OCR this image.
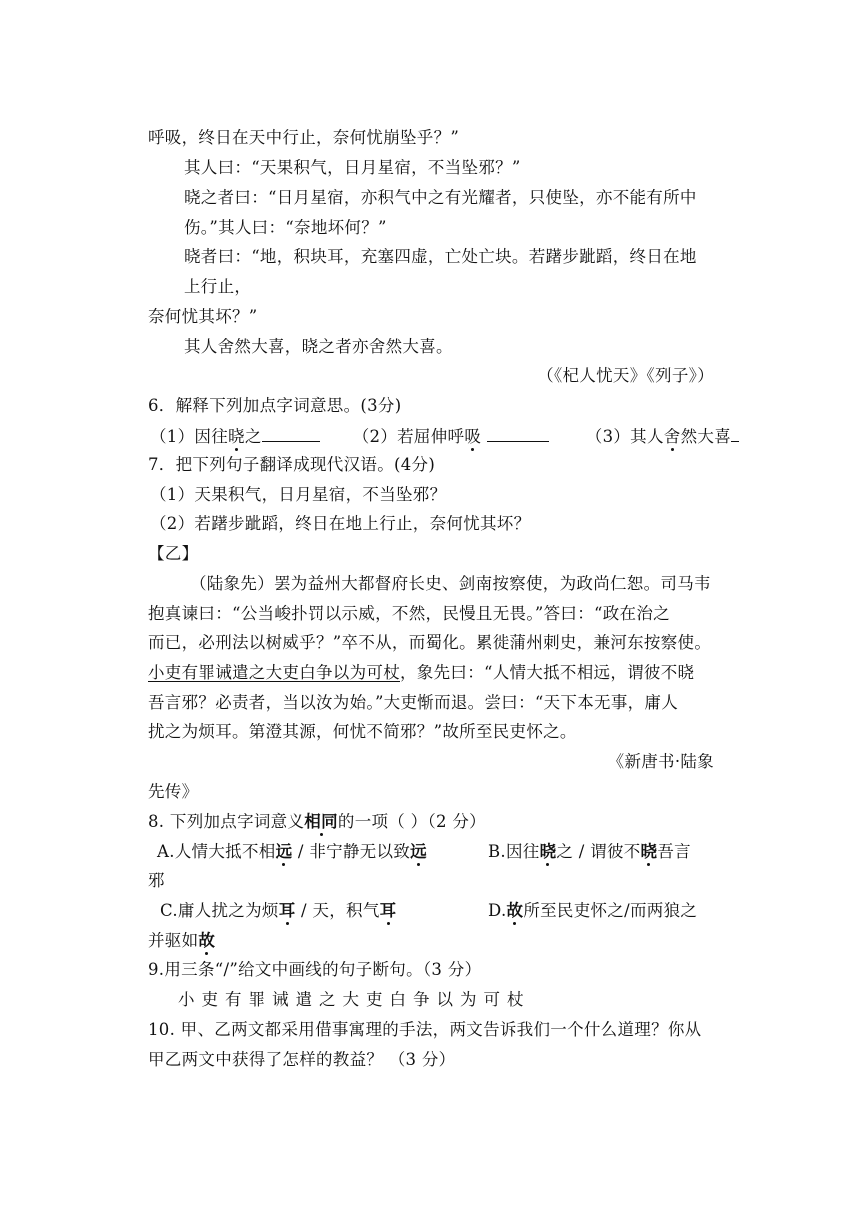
呼吸，终日在天中行止，奈何忧崩坠乎？”
其人曰：“天果积气，日月星宿，不当坠邪？”
晓之者曰：“日月星宿，亦积气中之有光耀者，只使坠，亦不能有所中
伤。”其人曰：“奈地坏何？”
晓者曰：“地，积块耳，充塞四虚，亡处亡块。若躇步跐蹈，终日在地
上行止，
奈何忧其坏？”
其人舍然大喜，晓之者亦舍然大喜。
（《杞人忧天》《列子》）
6．解释下列加点字词意思。(3分)
（1）因往晓之	（2）若屈伸呼吸	（3）其人舍然大喜
7．把下列句子翻译成现代汉语。(4分)
（1）天果积气，日月星宿，不当坠邪？
（2）若躇步跐蹈，终日在地上行止，奈何忧其坏？
【乙】
（陆象先）罢为益州大都督府长史、剑南按察使，为政尚仁恕。司马韦
抱真谏曰：“公当峻扑罚以示威，不然，民慢且无畏。”答曰：“政在治之
而已，必刑法以树威乎？”卒不从，而蜀化。累徙蒲州刺史，兼河东按察使。
小吏有罪诫遣之大吏白争以为可杖，象先曰：“人情大抵不相远，谓彼不晓
吾言邪？必责者，当以汝为始。”大吏惭而退。尝曰：“天下本无事，庸人
扰之为烦耳。第澄其源，何忧不简邪？”故所至民吏怀之。
《新唐书·陆象
先传》
8. 下列加点字词意义相同的一项（ ）（2 分）
A.人情大抵不相远 / 非宁静无以致远	B.因往晓之 / 谓彼不晓吾言
邪
C.庸人扰之为烦耳 / 天，积气耳	D.故所至民吏怀之/而两狼之
并驱如故
9.用三条“/”给文中画线的句子断句。（3 分）
小吏有罪诫遣之大吏白争以为可杖
10. 甲、乙两文都采用借事寓理的手法，两文告诉我们一个什么道理？你从
甲乙两文中获得了怎样的教益？ （3 分）
